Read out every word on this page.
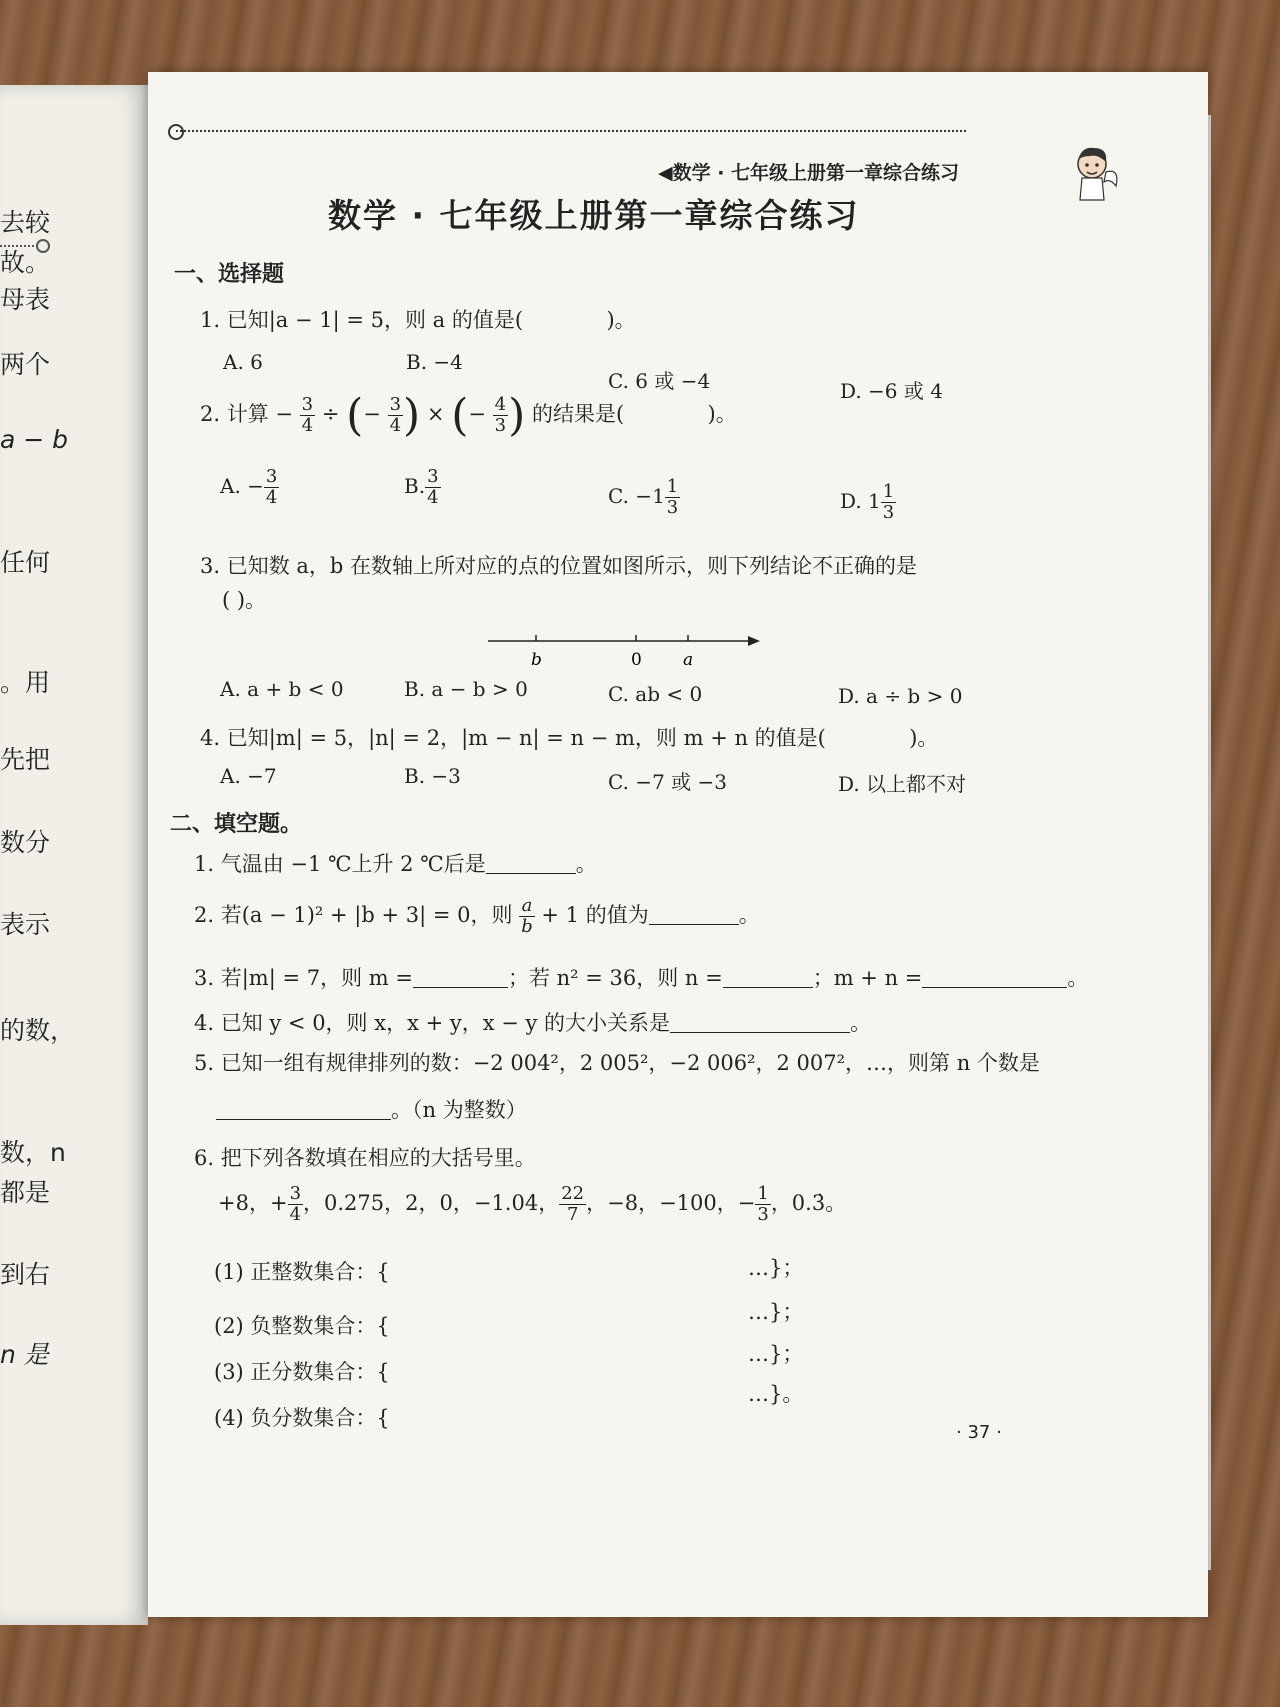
去较
故。
母表
两个
a − b
任何
。用
先把
数分
表示
的数，
数，n
都是
到右
n 是
◀数学 · 七年级上册第一章综合练习
数学 · 七年级上册第一章综合练习
一、选择题
1. 已知|a − 1| = 5，则 a 的值是(	)。
A. 6	B. −4
C. 6 或 −4	D. −6 或 4
2. 计算 − $\frac{3}{4}$ ÷ (− $\frac{3}{4}$ ) × (− $\frac{4}{3}$ ) 的结果是(	)。
A. − $\frac{3}{4}$	B. $\frac{3}{4}$	C. $-1 \frac{1}{3}$	D. $1 \frac{1}{3}$
3. 已知数 a，b 在数轴上所对应的点的位置如图所示，则下列结论不正确的是
( )。
b	0 a
A. a + b < 0	B. a − b > 0	C. ab < 0	D. a ÷ b > 0
4. 已知|m| = 5，|n| = 2，|m − n| = n − m，则 m + n 的值是(	)。
A. −7	B. −3	C. −7 或 −3	D. 以上都不对
二、填空题。
1. 气温由 −1 ℃上升 2 ℃后是	。
2. 若(a − 1)² + |b + 3| = 0，则 $\frac{a}{b} + 1$ 的值为	。
3. 若|m| = 7，则 m =	；若 n² = 36，则 n =	；m + n =	。
4. 已知 y < 0，则 x，x + y，x − y 的大小关系是	。
5. 已知一组有规律排列的数：−2 004²，2 005²，−2 006²，2 007²，…，则第 n 个数是
。（n 为整数）
6. 把下列各数填在相应的大括号里。
+8，+ $\frac{3}{4}$ ，0.275，2，0，−1.04， $\frac{22}{7}$ ，−8，−100，− $\frac{1}{3}$ ，0.3̇。
(1) 正整数集合：{	…}；
(2) 负整数集合：{
…}；
(3) 正分数集合：{
…}；
(4) 负分数集合：{
…}。
· 37 ·
